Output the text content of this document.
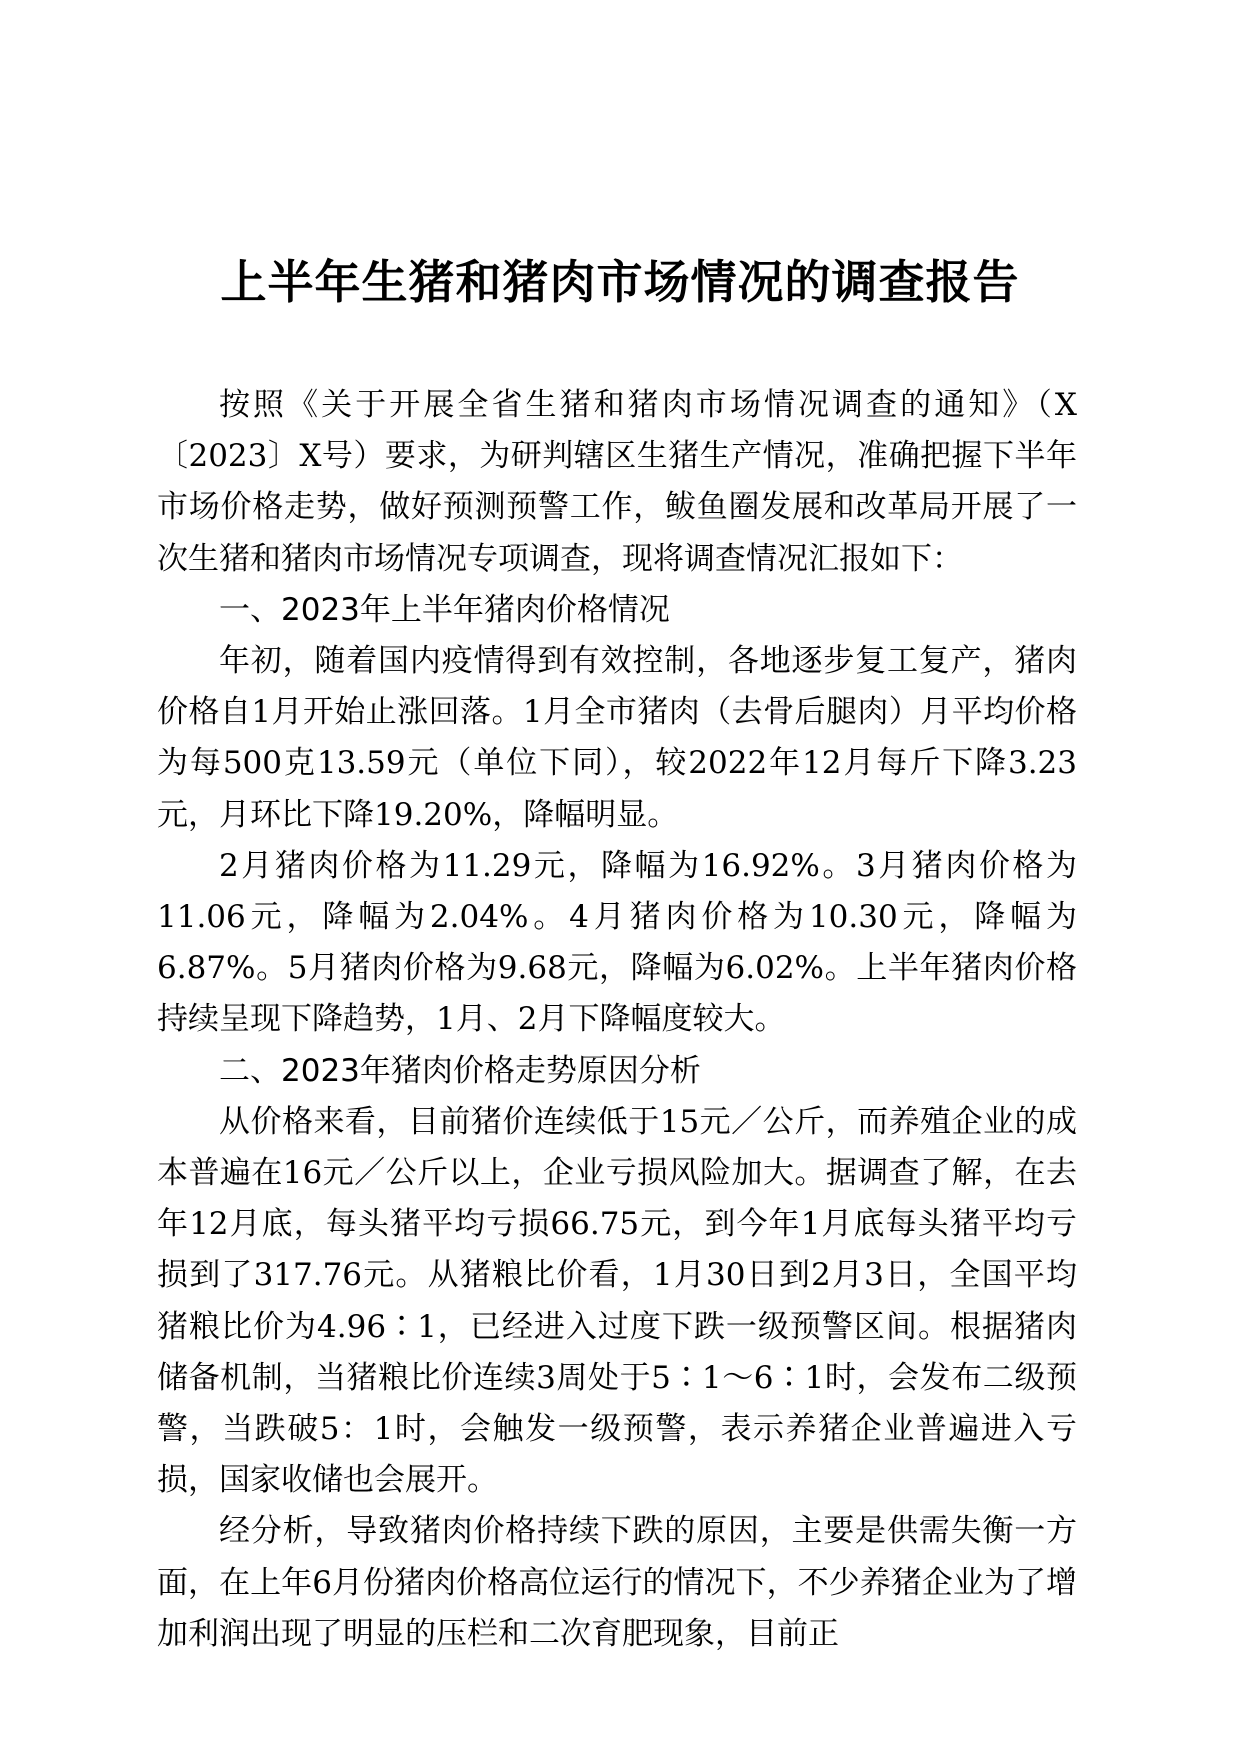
上半年生猪和猪肉市场情况的调查报告

按照《关于开展全省生猪和猪肉市场情况调查的通知》（X〔2023〕X号）要求，为研判辖区生猪生产情况，准确把握下半年市场价格走势，做好预测预警工作，鲅鱼圈发展和改革局开展了一次生猪和猪肉市场情况专项调查，现将调查情况汇报如下：

一、2023年上半年猪肉价格情况

年初，随着国内疫情得到有效控制，各地逐步复工复产，猪肉价格自1月开始止涨回落。1月全市猪肉（去骨后腿肉）月平均价格为每500克13.59元（单位下同），较2022年12月每斤下降3.23元，月环比下降19.20%，降幅明显。

2月猪肉价格为11.29元，降幅为16.92%。3月猪肉价格为11.06元，降幅为2.04%。4月猪肉价格为10.30元，降幅为6.87%。5月猪肉价格为9.68元，降幅为6.02%。上半年猪肉价格持续呈现下降趋势，1月、2月下降幅度较大。

二、2023年猪肉价格走势原因分析

从价格来看，目前猪价连续低于15元／公斤，而养殖企业的成本普遍在16元／公斤以上，企业亏损风险加大。据调查了解，在去年12月底，每头猪平均亏损66.75元，到今年1月底每头猪平均亏损到了317.76元。从猪粮比价看，1月30日到2月3日，全国平均猪粮比价为4.96∶1，已经进入过度下跌一级预警区间。根据猪肉储备机制，当猪粮比价连续3周处于5∶1～6∶1时，会发布二级预警，当跌破5：1时，会触发一级预警，表示养猪企业普遍进入亏损，国家收储也会展开。

经分析，导致猪肉价格持续下跌的原因，主要是供需失衡一方面，在上年6月份猪肉价格高位运行的情况下，不少养猪企业为了增加利润出现了明显的压栏和二次育肥现象，目前正
